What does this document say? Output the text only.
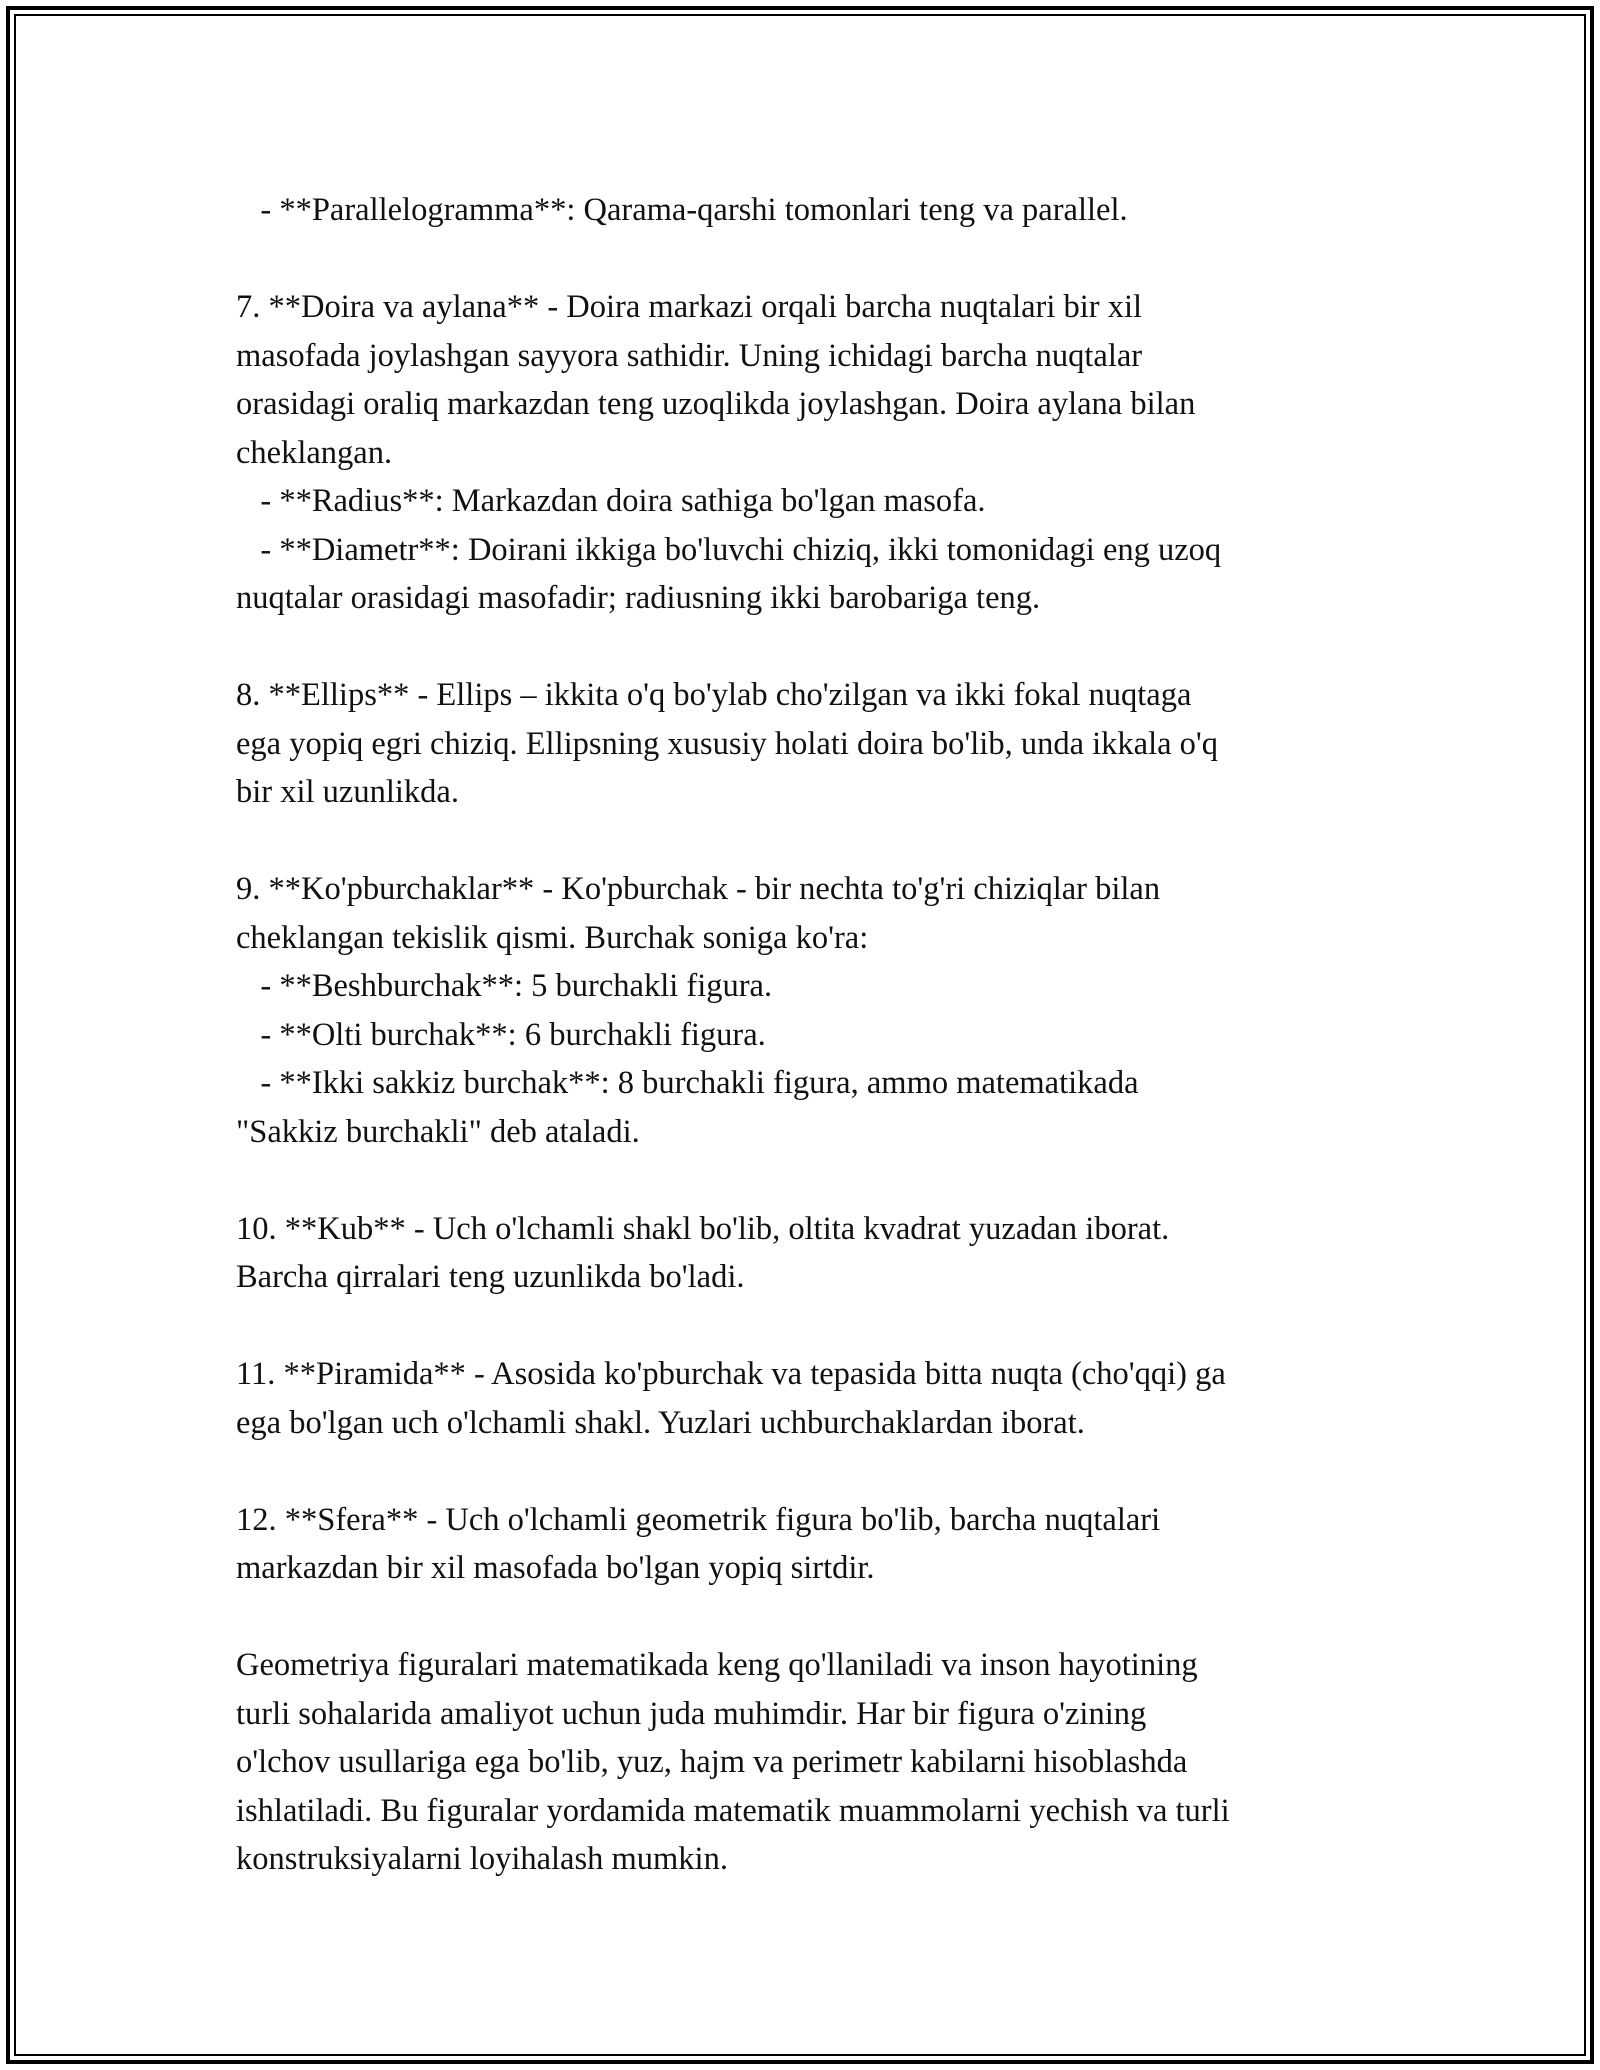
- **Parallelogramma**: Qarama-qarshi tomonlari teng va parallel.
7. **Doira va aylana** - Doira markazi orqali barcha nuqtalari bir xil
masofada joylashgan sayyora sathidir. Uning ichidagi barcha nuqtalar
orasidagi oraliq markazdan teng uzoqlikda joylashgan. Doira aylana bilan
cheklangan.
- **Radius**: Markazdan doira sathiga bo'lgan masofa.
- **Diametr**: Doirani ikkiga bo'luvchi chiziq, ikki tomonidagi eng uzoq
nuqtalar orasidagi masofadir; radiusning ikki barobariga teng.
8. **Ellips** - Ellips – ikkita o'q bo'ylab cho'zilgan va ikki fokal nuqtaga
ega yopiq egri chiziq. Ellipsning xususiy holati doira bo'lib, unda ikkala o'q
bir xil uzunlikda.
9. **Ko'pburchaklar** - Ko'pburchak - bir nechta to'g'ri chiziqlar bilan
cheklangan tekislik qismi. Burchak soniga ko'ra:
- **Beshburchak**: 5 burchakli figura.
- **Olti burchak**: 6 burchakli figura.
- **Ikki sakkiz burchak**: 8 burchakli figura, ammo matematikada
"Sakkiz burchakli" deb ataladi.
10. **Kub** - Uch o'lchamli shakl bo'lib, oltita kvadrat yuzadan iborat.
Barcha qirralari teng uzunlikda bo'ladi.
11. **Piramida** - Asosida ko'pburchak va tepasida bitta nuqta (cho'qqi) ga
ega bo'lgan uch o'lchamli shakl. Yuzlari uchburchaklardan iborat.
12. **Sfera** - Uch o'lchamli geometrik figura bo'lib, barcha nuqtalari
markazdan bir xil masofada bo'lgan yopiq sirtdir.
Geometriya figuralari matematikada keng qo'llaniladi va inson hayotining
turli sohalarida amaliyot uchun juda muhimdir. Har bir figura o'zining
o'lchov usullariga ega bo'lib, yuz, hajm va perimetr kabilarni hisoblashda
ishlatiladi. Bu figuralar yordamida matematik muammolarni yechish va turli
konstruksiyalarni loyihalash mumkin.
